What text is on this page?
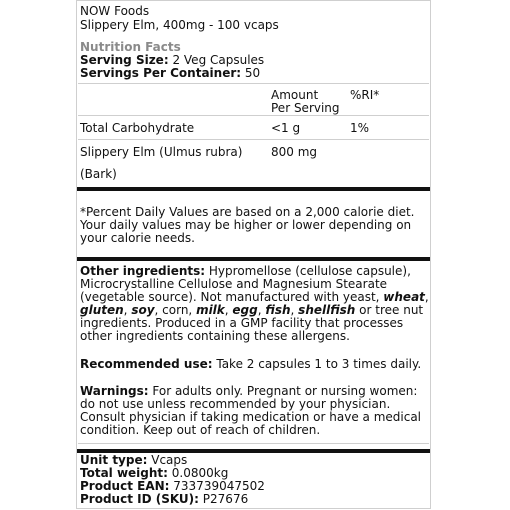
NOW Foods
Slippery Elm, 400mg - 100 vcaps
Nutrition Facts
Serving Size: 2 Veg Capsules
Servings Per Container: 50
Amount
Per Serving
%RI*
Total Carbohydrate	<1 g	1%
Slippery Elm (Ulmus rubra) 800 mg
(Bark)
*Percent Daily Values are based on a 2,000 calorie diet. Your daily values may be higher or lower depending on your calorie needs.
Other ingredients: Hypromellose (cellulose capsule), Microcrystalline Cellulose and Magnesium Stearate (vegetable source). Not manufactured with yeast, wheat, gluten, soy, corn, milk, egg, fish, shellfish or tree nut ingredients. Produced in a GMP facility that processes other ingredients containing these allergens.
Recommended use: Take 2 capsules 1 to 3 times daily.
Warnings: For adults only. Pregnant or nursing women: do not use unless recommended by your physician. Consult physician if taking medication or have a medical condition. Keep out of reach of children.
Unit type: Vcaps
Total weight: 0.0800kg
Product EAN: 733739047502
Product ID (SKU): P27676
